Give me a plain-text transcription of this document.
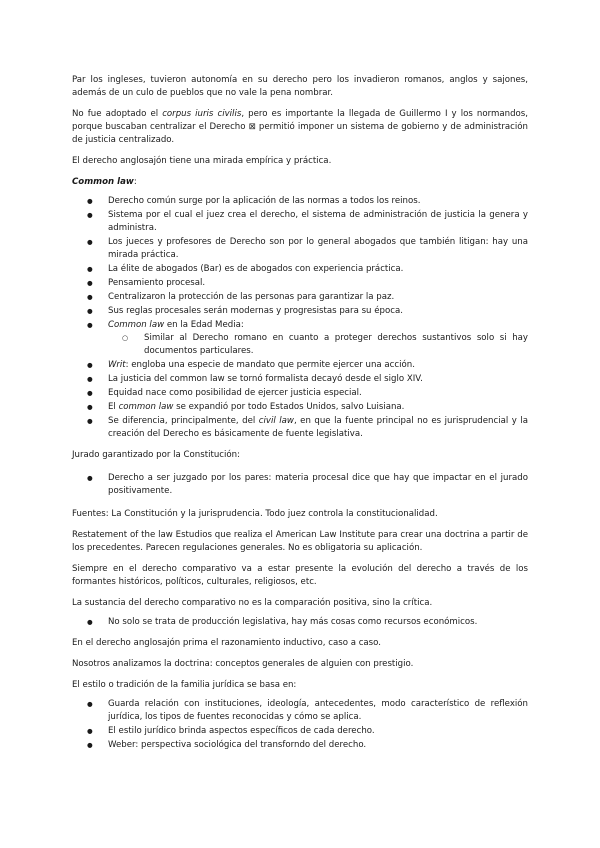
Par los ingleses, tuvieron autonomía en su derecho pero los invadieron romanos, anglos y sajones, además de un culo de pueblos que no vale la pena nombrar.

No fue adoptado el corpus iuris civilis, pero es importante la llegada de Guillermo I y los normandos, porque buscaban centralizar el Derecho ⊠ permitió imponer un sistema de gobierno y de administración de justicia centralizado.

El derecho anglosajón tiene una mirada empírica y práctica.

Common law:

● Derecho común surge por la aplicación de las normas a todos los reinos.
● Sistema por el cual el juez crea el derecho, el sistema de administración de justicia la genera y administra.
● Los jueces y profesores de Derecho son por lo general abogados que también litigan: hay una mirada práctica.
● La élite de abogados (Bar) es de abogados con experiencia práctica.
● Pensamiento procesal.
● Centralizaron la protección de las personas para garantizar la paz.
● Sus reglas procesales serán modernas y progresistas para su época.
● Common law en la Edad Media:
○ Similar al Derecho romano en cuanto a proteger derechos sustantivos solo si hay documentos particulares.
● Writ: engloba una especie de mandato que permite ejercer una acción.
● La justicia del common law se tornó formalista decayó desde el siglo XIV.
● Equidad nace como posibilidad de ejercer justicia especial.
● El common law se expandió por todo Estados Unidos, salvo Luisiana.
● Se diferencia, principalmente, del civil law, en que la fuente principal no es jurisprudencial y la creación del Derecho es básicamente de fuente legislativa.

Jurado garantizado por la Constitución:

● Derecho a ser juzgado por los pares: materia procesal dice que hay que impactar en el jurado positivamente.

Fuentes: La Constitución y la jurisprudencia. Todo juez controla la constitucionalidad.

Restatement of the law Estudios que realiza el American Law Institute para crear una doctrina a partir de los precedentes. Parecen regulaciones generales. No es obligatoria su aplicación.

Siempre en el derecho comparativo va a estar presente la evolución del derecho a través de los formantes históricos, políticos, culturales, religiosos, etc.

La sustancia del derecho comparativo no es la comparación positiva, sino la crítica.

● No solo se trata de producción legislativa, hay más cosas como recursos económicos.

En el derecho anglosajón prima el razonamiento inductivo, caso a caso.

Nosotros analizamos la doctrina: conceptos generales de alguien con prestigio.

El estilo o tradición de la familia jurídica se basa en:

● Guarda relación con instituciones, ideología, antecedentes, modo característico de reflexión jurídica, los tipos de fuentes reconocidas y cómo se aplica.
● El estilo jurídico brinda aspectos específicos de cada derecho.
● Weber: perspectiva sociológica del transforndo del derecho.
